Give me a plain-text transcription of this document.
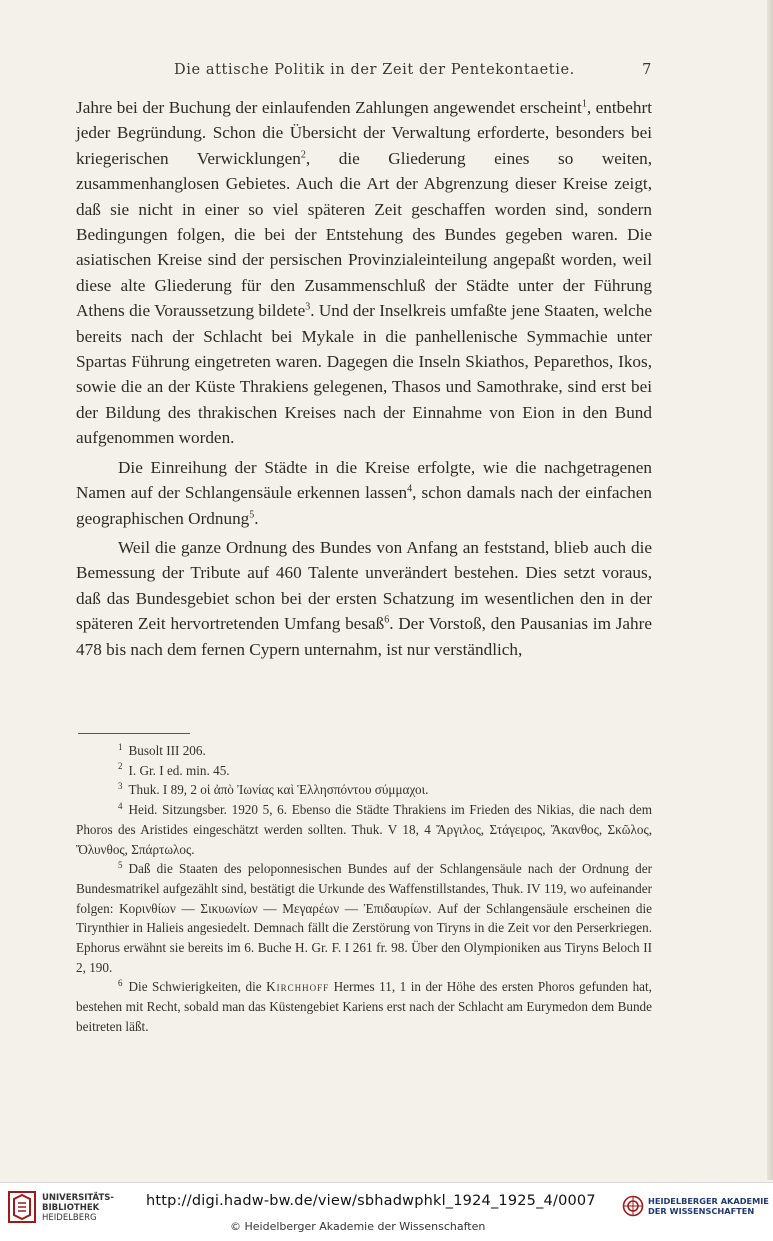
Die attische Politik in der Zeit der Pentekontaetie.	7

Jahre bei der Buchung der einlaufenden Zahlungen angewendet erscheint$^1$, entbehrt jeder Begründung. Schon die Übersicht der Verwaltung erforderte, besonders bei kriegerischen Verwicklungen$^2$, die Gliederung eines so weiten, zusammenhanglosen Gebietes. Auch die Art der Abgrenzung dieser Kreise zeigt, daß sie nicht in einer so viel späteren Zeit geschaffen worden sind, sondern Bedingungen folgen, die bei der Entstehung des Bundes gegeben waren. Die asiatischen Kreise sind der persischen Provinzialeinteilung angepaßt worden, weil diese alte Gliederung für den Zusammenschluß der Städte unter der Führung Athens die Voraussetzung bildete$^3$. Und der Inselkreis umfaßte jene Staaten, welche bereits nach der Schlacht bei Mykale in die panhellenische Symmachie unter Spartas Führung eingetreten waren. Dagegen die Inseln Skiathos, Peparethos, Ikos, sowie die an der Küste Thrakiens gelegenen, Thasos und Samothrake, sind erst bei der Bildung des thrakischen Kreises nach der Einnahme von Eion in den Bund aufgenommen worden.

Die Einreihung der Städte in die Kreise erfolgte, wie die nachgetragenen Namen auf der Schlangensäule erkennen lassen$^4$, schon damals nach der einfachen geographischen Ordnung$^5$.

Weil die ganze Ordnung des Bundes von Anfang an feststand, blieb auch die Bemessung der Tribute auf 460 Talente unverändert bestehen. Dies setzt voraus, daß das Bundesgebiet schon bei der ersten Schatzung im wesentlichen den in der späteren Zeit hervortretenden Umfang besaß$^6$. Der Vorstoß, den Pausanias im Jahre 478 bis nach dem fernen Cypern unternahm, ist nur verständlich,

$^1$ Busolt III 206.

$^2$ I. Gr. I ed. min. 45.

$^3$ Thuk. I 89, 2 οἱ ἀπὸ Ἰωνίας καὶ Ἑλλησπόντου σύμμαχοι.

$^4$ Heid. Sitzungsber. 1920 5, 6. Ebenso die Städte Thrakiens im Frieden des Nikias, die nach dem Phoros des Aristides eingeschätzt werden sollten. Thuk. V 18, 4 Ἄργιλος, Στάγειρος, Ἄκανθος, Σκῶλος, Ὄλυνθος, Σπάρτωλος.

$^5$ Daß die Staaten des peloponnesischen Bundes auf der Schlangensäule nach der Ordnung der Bundesmatrikel aufgezählt sind, bestätigt die Urkunde des Waffenstillstandes, Thuk. IV 119, wo aufeinander folgen: Κορινθίων — Σικυωνίων — Μεγαρέων — Ἐπιδαυρίων. Auf der Schlangensäule erscheinen die Tirynthier in Halieis angesiedelt. Demnach fällt die Zerstörung von Tiryns in die Zeit vor den Perserkriegen. Ephorus erwähnt sie bereits im 6. Buche H. Gr. F. I 261 fr. 98. Über den Olympioniken aus Tiryns Beloch II 2, 190.

$^6$ Die Schwierigkeiten, die Kirchhoff Hermes 11, 1 in der Höhe des ersten Phoros gefunden hat, bestehen mit Recht, sobald man das Küstengebiet Kariens erst nach der Schlacht am Eurymedon dem Bunde beitreten läßt.

UNIVERSITÄTS-
BIBLIOTHEK
HEIDELBERG
http://digi.hadw-bw.de/view/sbhadwphkl_1924_1925_4/0007
© Heidelberger Akademie der Wissenschaften
HEIDELBERGER AKADEMIE
DER WISSENSCHAFTEN
